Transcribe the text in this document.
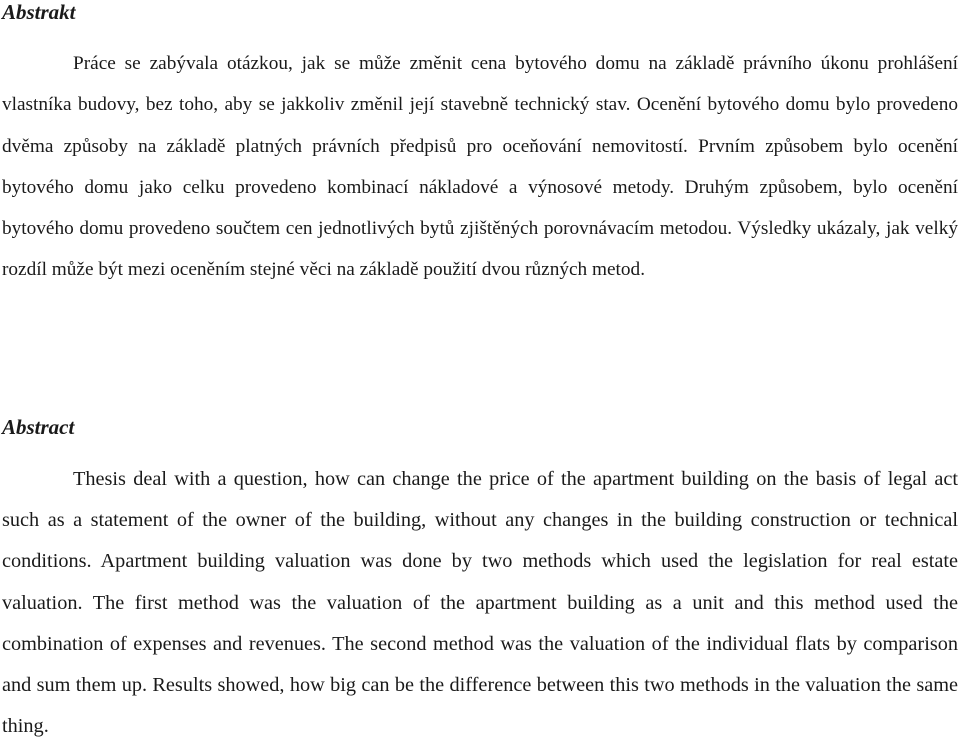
Abstrakt

Práce se zabývala otázkou, jak se může změnit cena bytového domu na základě právního úkonu prohlášení vlastníka budovy, bez toho, aby se jakkoliv změnil její stavebně technický stav. Ocenění bytového domu bylo provedeno dvěma způsoby na základě platných právních předpisů pro oceňování nemovitostí. Prvním způsobem bylo ocenění bytového domu jako celku provedeno kombinací nákladové a výnosové metody. Druhým způsobem, bylo ocenění bytového domu provedeno součtem cen jednotlivých bytů zjištěných porovnávacím metodou. Výsledky ukázaly, jak velký rozdíl může být mezi oceněním stejné věci na základě použití dvou různých metod.

Abstract

Thesis deal with a question, how can change the price of the apartment building on the basis of legal act such as a statement of the owner of the building, without any changes in the building construction or technical conditions. Apartment building valuation was done by two methods which used the legislation for real estate valuation. The first method was the valuation of the apartment building as a unit and this method used the combination of expenses and revenues. The second method was the valuation of the individual flats by comparison and sum them up. Results showed, how big can be the difference between this two methods in the valuation the same thing.
